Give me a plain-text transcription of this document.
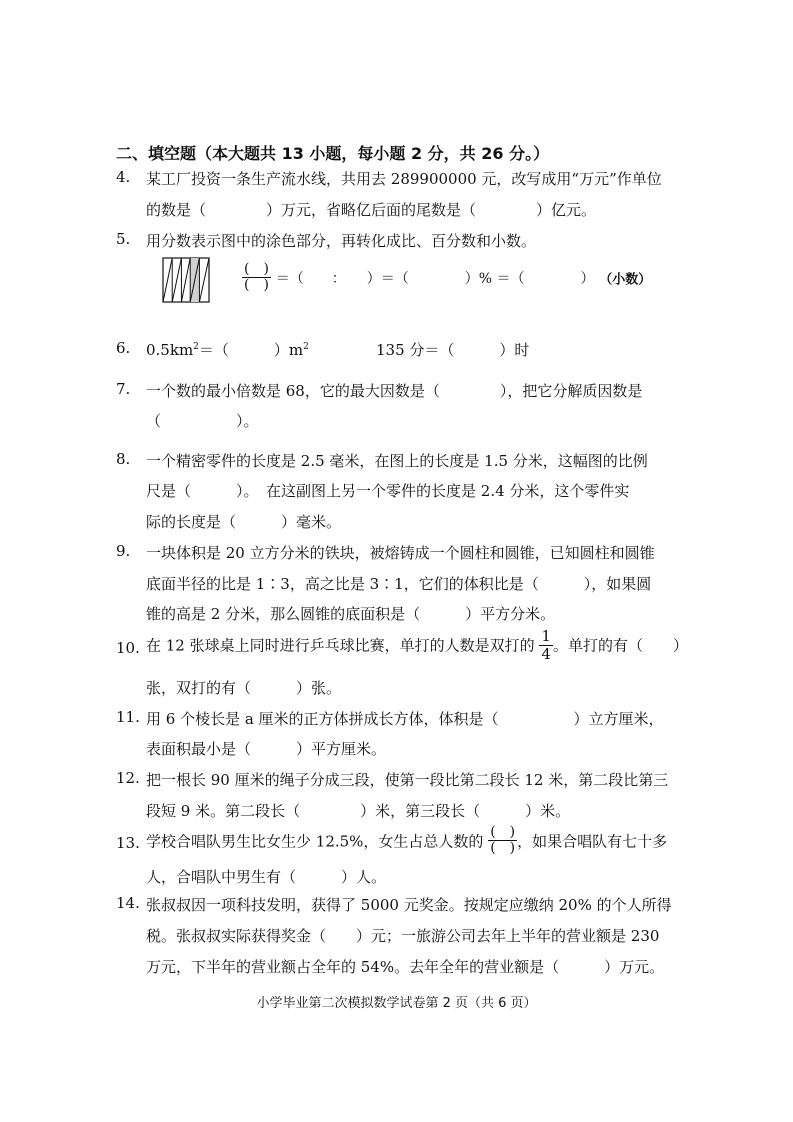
二、填空题（本大题共 13 小题，每小题 2 分，共 26 分。）
4.	某工厂投资一条生产流水线，共用去 289900000 元，改写成用“万元”作单位
的数是（　　　　）万元，省略亿后面的尾数是（　　　　）亿元。
5.	用分数表示图中的涂色部分，再转化成比、百分数和小数。
$\frac{( )}{( )}$ ＝（　　：　　）＝（　　　　）% ＝（　　　　） （小数）
6.	$0.5km^2=$（　　　）$m^2$	135 分＝（　　　）时
7.	一个数的最小倍数是 68，它的最大因数是（　　　　），把它分解质因数是
（　　　　　）。
8.	一个精密零件的长度是 2.5 毫米，在图上的长度是 1.5 分米，这幅图的比例
尺是（　　　）。　在这副图上另一个零件的长度是 2.4 分米，这个零件实
际的长度是（　　　）毫米。
9.	一块体积是 20 立方分米的铁块，被熔铸成一个圆柱和圆锥，已知圆柱和圆锥
底面半径的比是 1∶3，高之比是 3∶1，它们的体积比是（　　　），如果圆
锥的高是 2 分米，那么圆锥的底面积是（　　　）平方分米。
10. 在 12 张球桌上同时进行乒乓球比赛，单打的人数是双打的 $\frac{1}{4}$ 。单打的有（　　）
张，双打的有（　　　）张。
11. 用 6 个棱长是 a 厘米的正方体拼成长方体，体积是（　　　　　）立方厘米，
表面积最小是（　　　）平方厘米。
12. 把一根长 90 厘米的绳子分成三段，使第一段比第二段长 12 米，第二段比第三
段短 9 米。第二段长（　　　　）米，第三段长（　　　）米。
13. 学校合唱队男生比女生少 12.5%，女生占总人数的 $\frac{( )}{( )}$ ，如果合唱队有七十多
人，合唱队中男生有（　　　）人。
14. 张叔叔因一项科技发明，获得了 5000 元奖金。按规定应缴纳 20% 的个人所得
税。张叔叔实际获得奖金（　　）元；一旅游公司去年上半年的营业额是 230
万元，下半年的营业额占全年的 54%。去年全年的营业额是（　　　）万元。
小学毕业第二次模拟数学试卷第 2 页（共 6 页）
